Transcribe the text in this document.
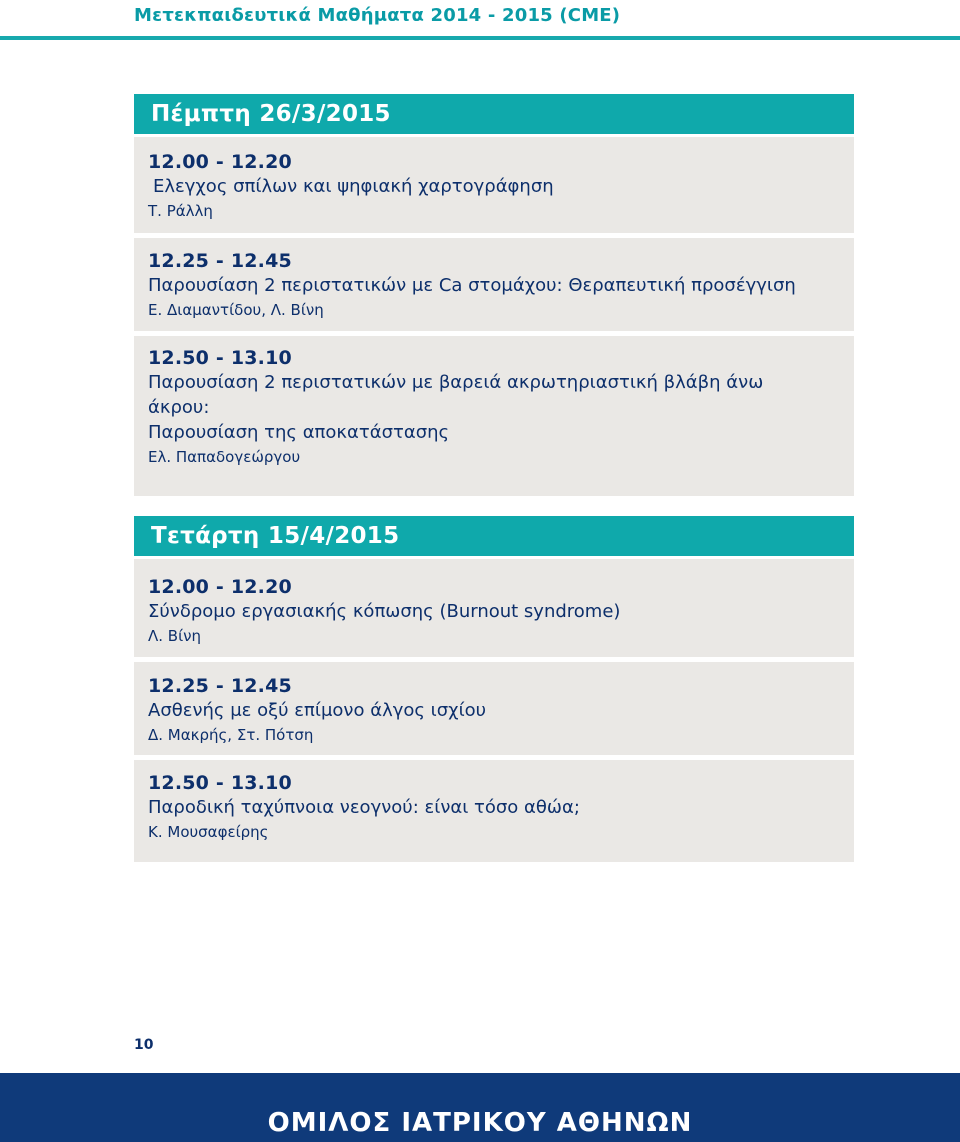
Μετεκπαιδευτικά Μαθήματα 2014 - 2015 (CME)
Πέμπτη 26/3/2015
12.00 - 12.20
Ελεγχος σπίλων και ψηφιακή χαρτογράφηση
Τ. Ράλλη
12.25 - 12.45
Παρουσίαση 2 περιστατικών με Ca στομάχου: Θεραπευτική προσέγγιση
Ε. Διαμαντίδου, Λ. Βίνη
12.50 - 13.10
Παρουσίαση 2 περιστατικών με βαρειά ακρωτηριαστική βλάβη άνω
άκρου:
Παρουσίαση της αποκατάστασης
Ελ. Παπαδογεώργου
Τετάρτη 15/4/2015
12.00 - 12.20
Σύνδρομο εργασιακής κόπωσης (Burnout syndrome)
Λ. Βίνη
12.25 - 12.45
Ασθενής με οξύ επίμονο άλγος ισχίου
Δ. Μακρής, Στ. Πότση
12.50 - 13.10
Παροδική ταχύπνοια νεογνού: είναι τόσο αθώα;
Κ. Μουσαφείρης
10
ΟΜΙΛΟΣ ΙΑΤΡΙΚΟΥ ΑΘΗΝΩΝ
